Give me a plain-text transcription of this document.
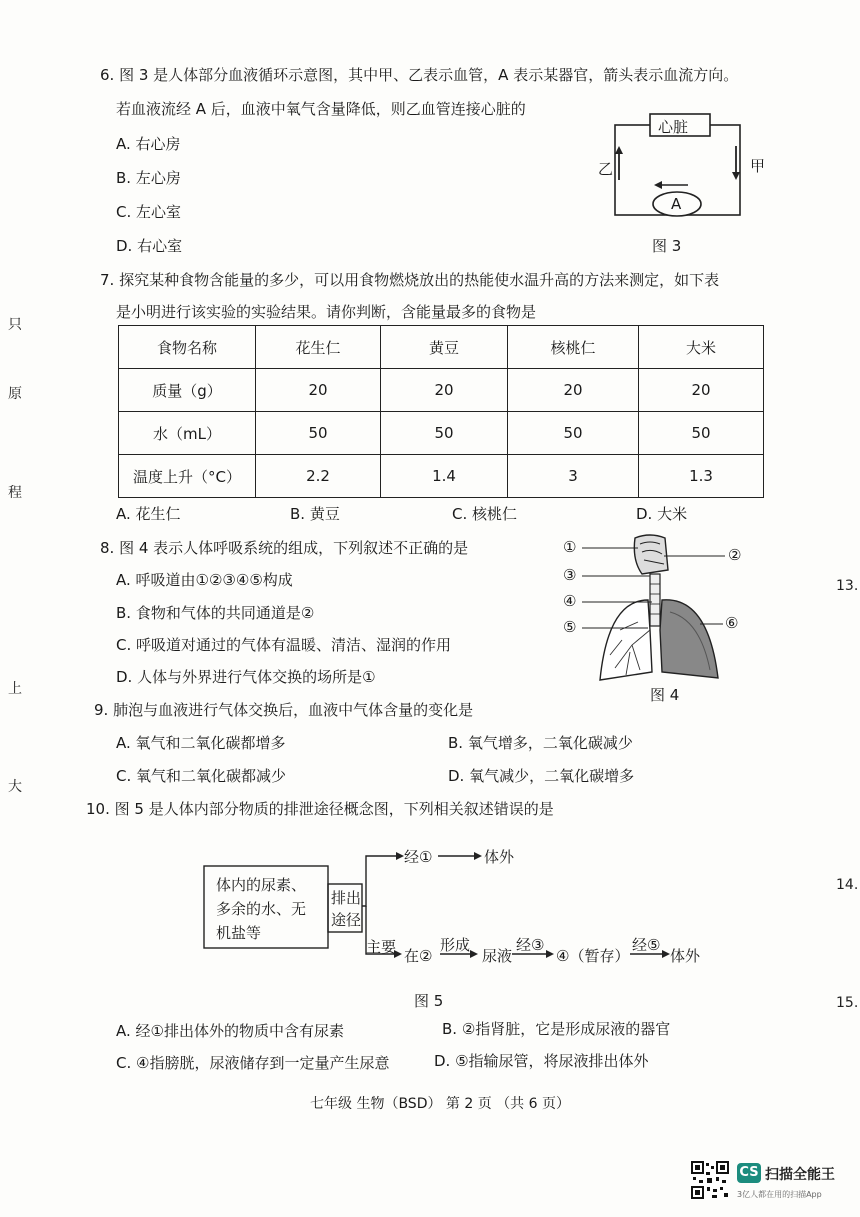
只
原
程
上
大
13.
14.
15.
6. 图 3 是人体部分血液循环示意图，其中甲、乙表示血管，A 表示某器官，箭头表示血流方向。
若血液流经 A 后，血液中氧气含量降低，则乙血管连接心脏的
A. 右心房
B. 左心房
C. 左心室
D. 右心室
心脏
乙	甲
A
图 3
7. 探究某种食物含能量的多少，可以用食物燃烧放出的热能使水温升高的方法来测定，如下表
是小明进行该实验的实验结果。请你判断，含能量最多的食物是
食物名称	花生仁	黄豆	核桃仁	大米
质量（g）	20	20	20	20
水（mL）	50	50	50	50
温度上升（°C）	2.2	1.4	3	1.3
A. 花生仁	B. 黄豆	C. 核桃仁	D. 大米
8. 图 4 表示人体呼吸系统的组成，下列叙述不正确的是
A. 呼吸道由①②③④⑤构成
B. 食物和气体的共同通道是②
C. 呼吸道对通过的气体有温暖、清洁、湿润的作用
D. 人体与外界进行气体交换的场所是①
①	②
③
④
⑤	⑥
图 4
9. 肺泡与血液进行气体交换后，血液中气体含量的变化是
A. 氧气和二氧化碳都增多	B. 氧气增多，二氧化碳减少
C. 氧气和二氧化碳都减少	D. 氧气减少，二氧化碳增多
10. 图 5 是人体内部分物质的排泄途径概念图，下列相关叙述错误的是
体内的尿素、
多余的水、无
机盐等
排出
途径
经①	体外
主要 在②
形成
尿液
经③
④（暂存）
经⑤
体外
图 5
A. 经①排出体外的物质中含有尿素	B. ②指肾脏，它是形成尿液的器官
C. ④指膀胱，尿液储存到一定量产生尿意	D. ⑤指输尿管，将尿液排出体外
七年级 生物（BSD） 第 2 页 （共 6 页）
CS 扫描全能王
3亿人都在用的扫描App
